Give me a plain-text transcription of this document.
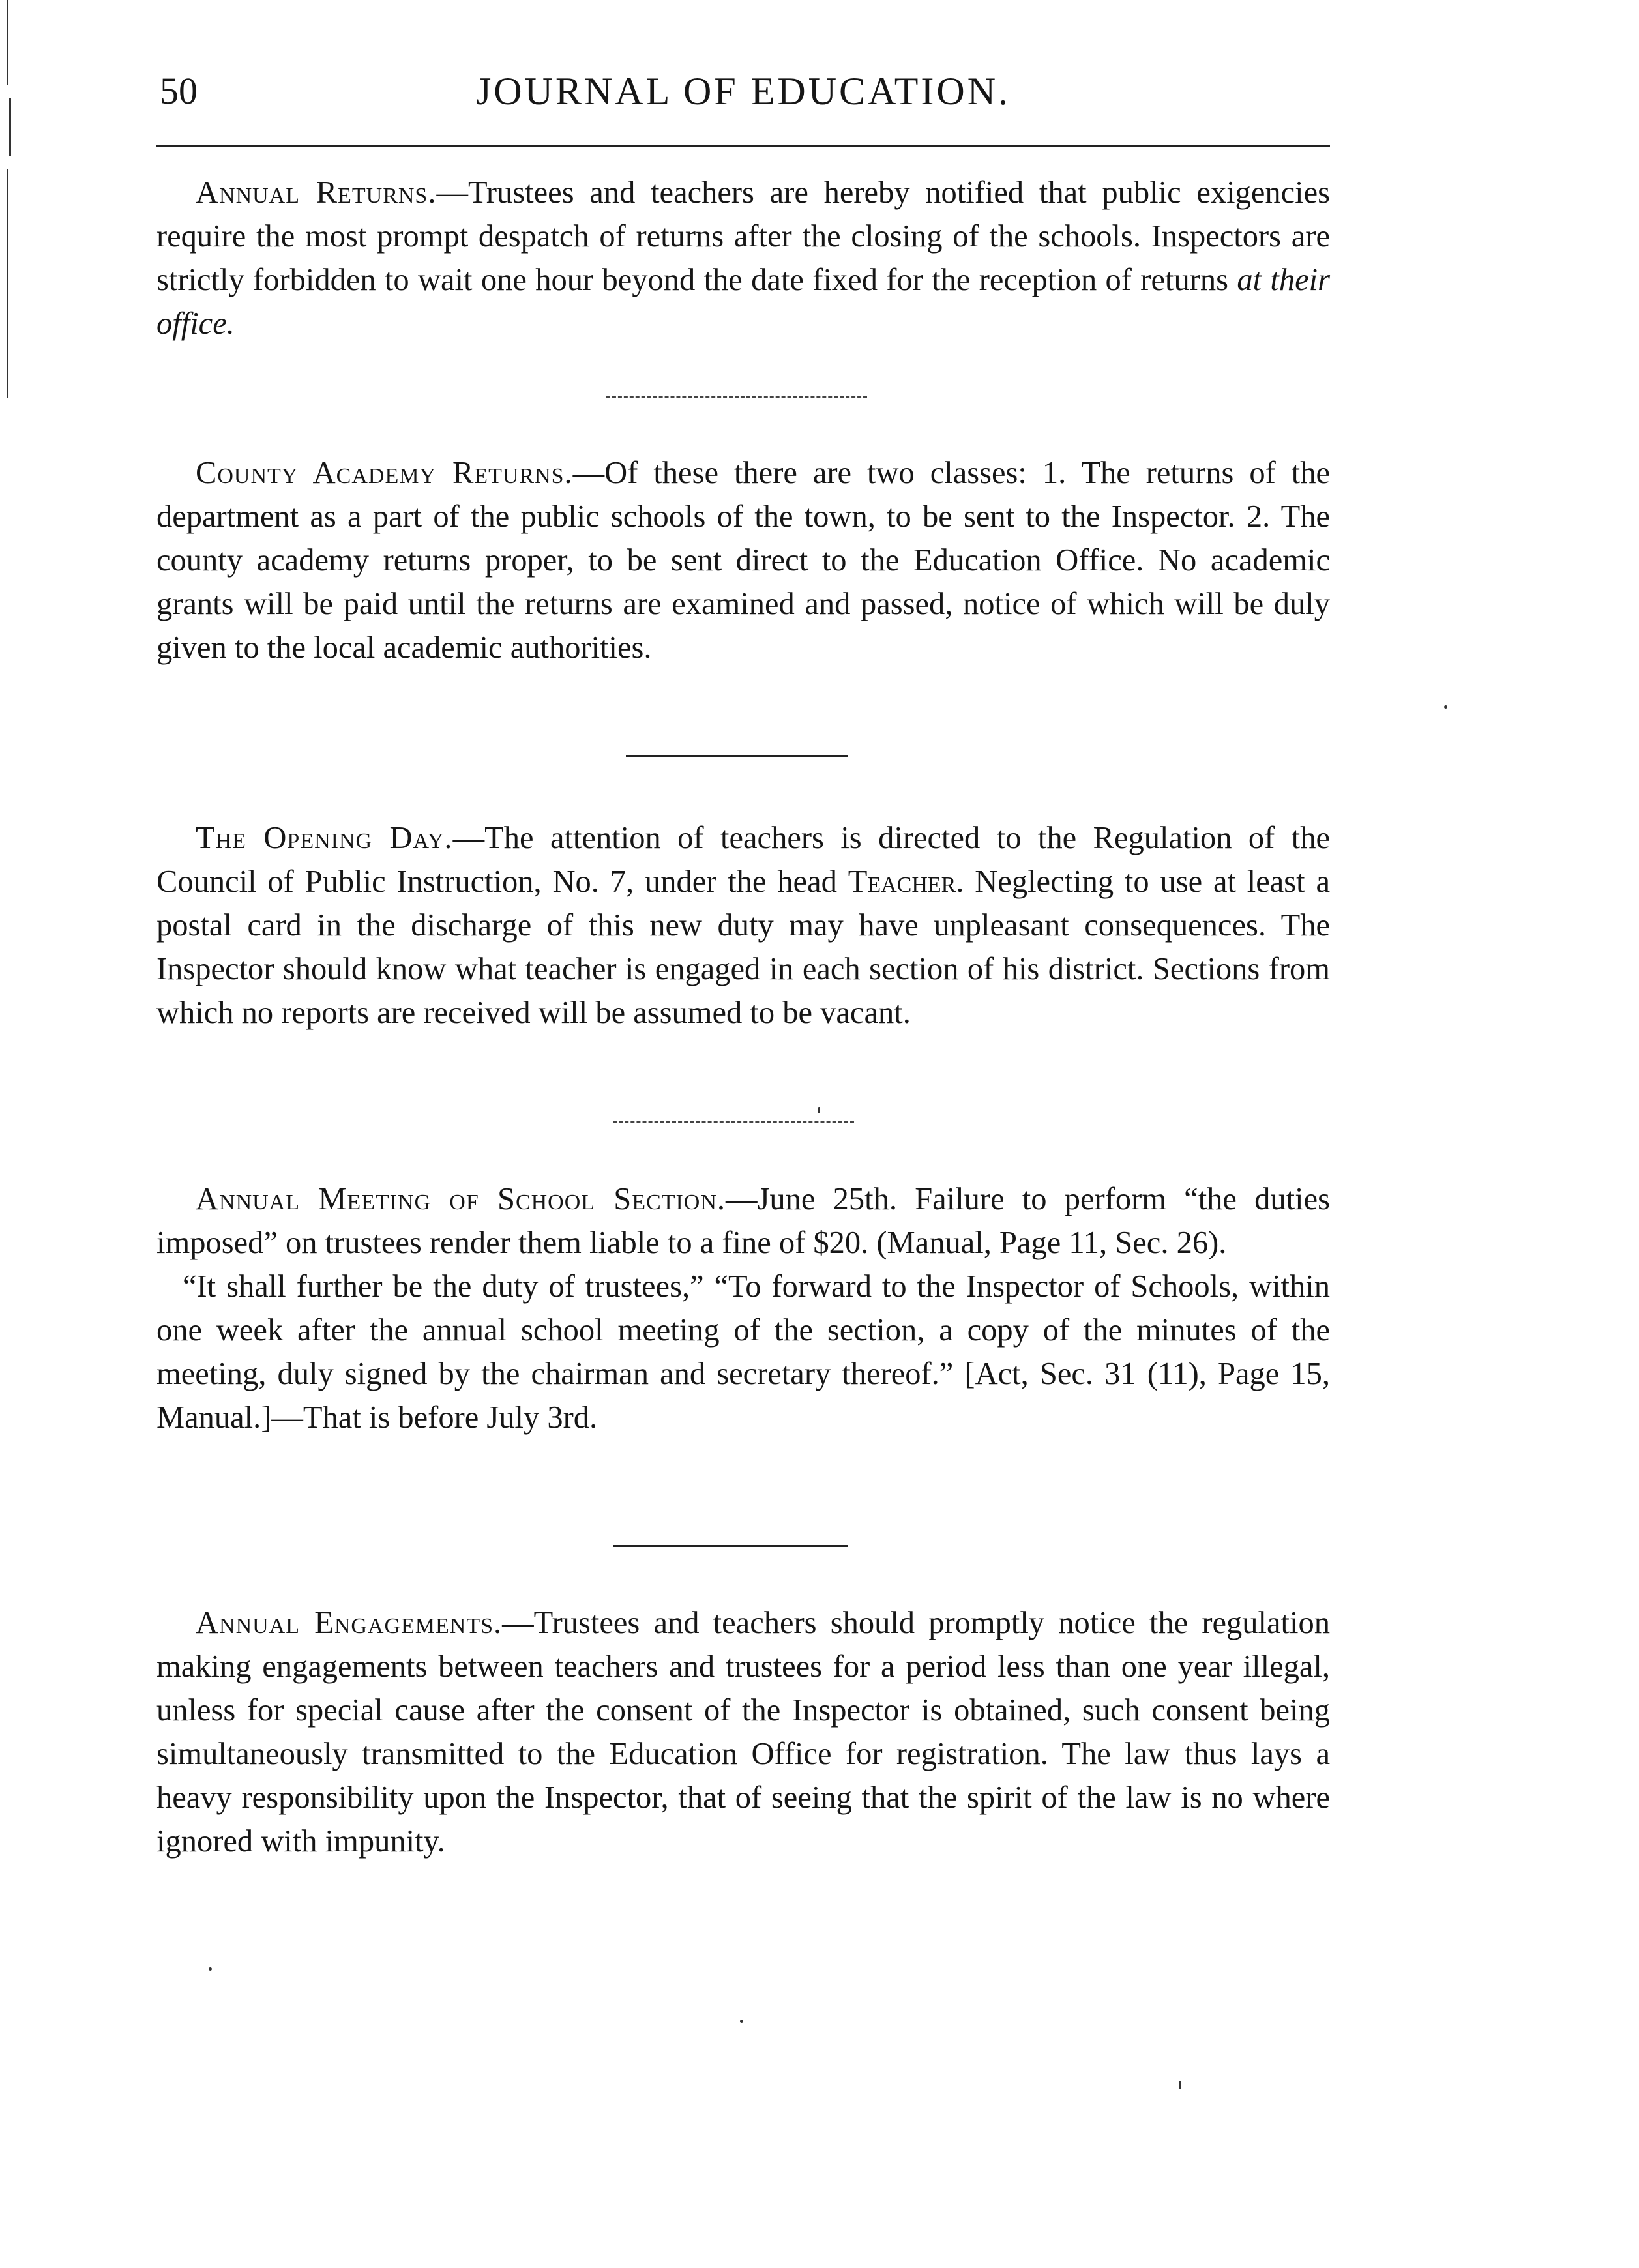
50	JOURNAL OF EDUCATION.

Annual Returns.—Trustees and teachers are hereby notified that public exigencies require the most prompt despatch of returns after the closing of the schools. Inspectors are strictly forbidden to wait one hour beyond the date fixed for the reception of returns at their office.

County Academy Returns.—Of these there are two classes: 1. The returns of the department as a part of the public schools of the town, to be sent to the Inspector. 2. The county academy returns proper, to be sent direct to the Education Office. No academic grants will be paid until the returns are examined and passed, notice of which will be duly given to the local academic authorities.

The Opening Day.—The attention of teachers is directed to the Regulation of the Council of Public Instruction, No. 7, under the head Teacher. Neglecting to use at least a postal card in the discharge of this new duty may have unpleasant consequences. The Inspector should know what teacher is engaged in each section of his district. Sections from which no reports are received will be assumed to be vacant.

Annual Meeting of School Section.—June 25th. Failure to perform “the duties imposed” on trustees render them liable to a fine of $20. (Manual, Page 11, Sec. 26).
“It shall further be the duty of trustees,” “To forward to the Inspector of Schools, within one week after the annual school meeting of the section, a copy of the minutes of the meeting, duly signed by the chairman and secretary thereof.” [Act, Sec. 31 (11), Page 15, Manual.]—That is before July 3rd.

Annual Engagements.—Trustees and teachers should promptly notice the regulation making engagements between teachers and trustees for a period less than one year illegal, unless for special cause after the consent of the Inspector is obtained, such consent being simultaneously transmitted to the Education Office for registration. The law thus lays a heavy responsibility upon the Inspector, that of seeing that the spirit of the law is no where ignored with impunity.
